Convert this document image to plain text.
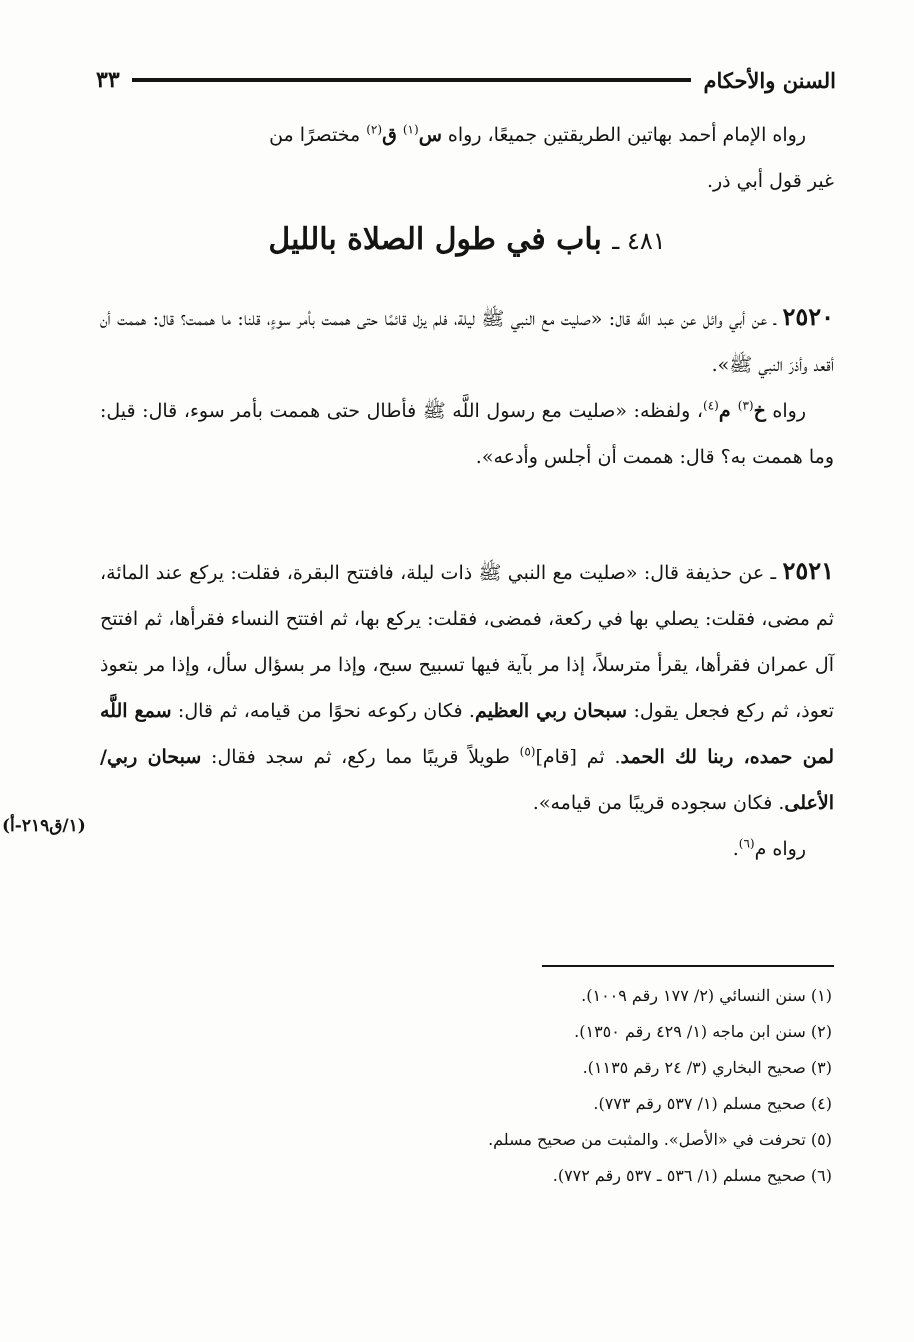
السنن والأحكام
٣٣

رواه الإمام أحمد بهاتين الطريقتين جميعًا، رواه س$^{(١)}$ ق$^{(٢)}$ مختصرًا من

غير قول أبي ذر.

٤٨١ ـ باب في طول الصلاة بالليل

٢٥٢٠ ـ عن أبي وائل عن عبد اللَّه قال: «صليت مع النبي ﷺ ليلة، فلم يزل قائمًا حتى هممت بأمر سوءٍ، قلنا: ما هممت؟ قال: هممت أن أقعد وأذرَ النبي ﷺ».

رواه خ$^{(٣)}$ م$^{(٤)}$، ولفظه: «صليت مع رسول اللَّه ﷺ فأطال حتى هممت بأمر سوء، قال: قيل: وما هممت به؟ قال: هممت أن أجلس وأدعه».

٢٥٢١ ـ عن حذيفة قال: «صليت مع النبي ﷺ ذات ليلة، فافتتح البقرة، فقلت: يركع عند المائة، ثم مضى، فقلت: يصلي بها في ركعة، فمضى، فقلت: يركع بها، ثم افتتح النساء فقرأها، ثم افتتح آل عمران فقرأها، يقرأ مترسلاً، إذا مر بآية فيها تسبيح سبح، وإذا مر بسؤال سأل، وإذا مر بتعوذ تعوذ، ثم ركع فجعل يقول: سبحان ربي العظيم. فكان ركوعه نحوًا من قيامه، ثم قال: سمع اللَّه لمن حمده، ربنا لك الحمد. ثم [قام]$^{(٥)}$ طويلاً قريبًا مما ركع، ثم سجد فقال: سبحان ربي/ الأعلى. فكان سجوده قريبًا من قيامه».

رواه م$^{(٦)}$.

(١/ق٢١٩-أ)
(١) سنن النسائي (٢/ ١٧٧ رقم ١٠٠٩).
(٢) سنن ابن ماجه (١/ ٤٢٩ رقم ١٣٥٠).
(٣) صحيح البخاري (٣/ ٢٤ رقم ١١٣٥).
(٤) صحيح مسلم (١/ ٥٣٧ رقم ٧٧٣).
(٥) تحرفت في «الأصل». والمثبت من صحيح مسلم.
(٦) صحيح مسلم (١/ ٥٣٦ ـ ٥٣٧ رقم ٧٧٢).
